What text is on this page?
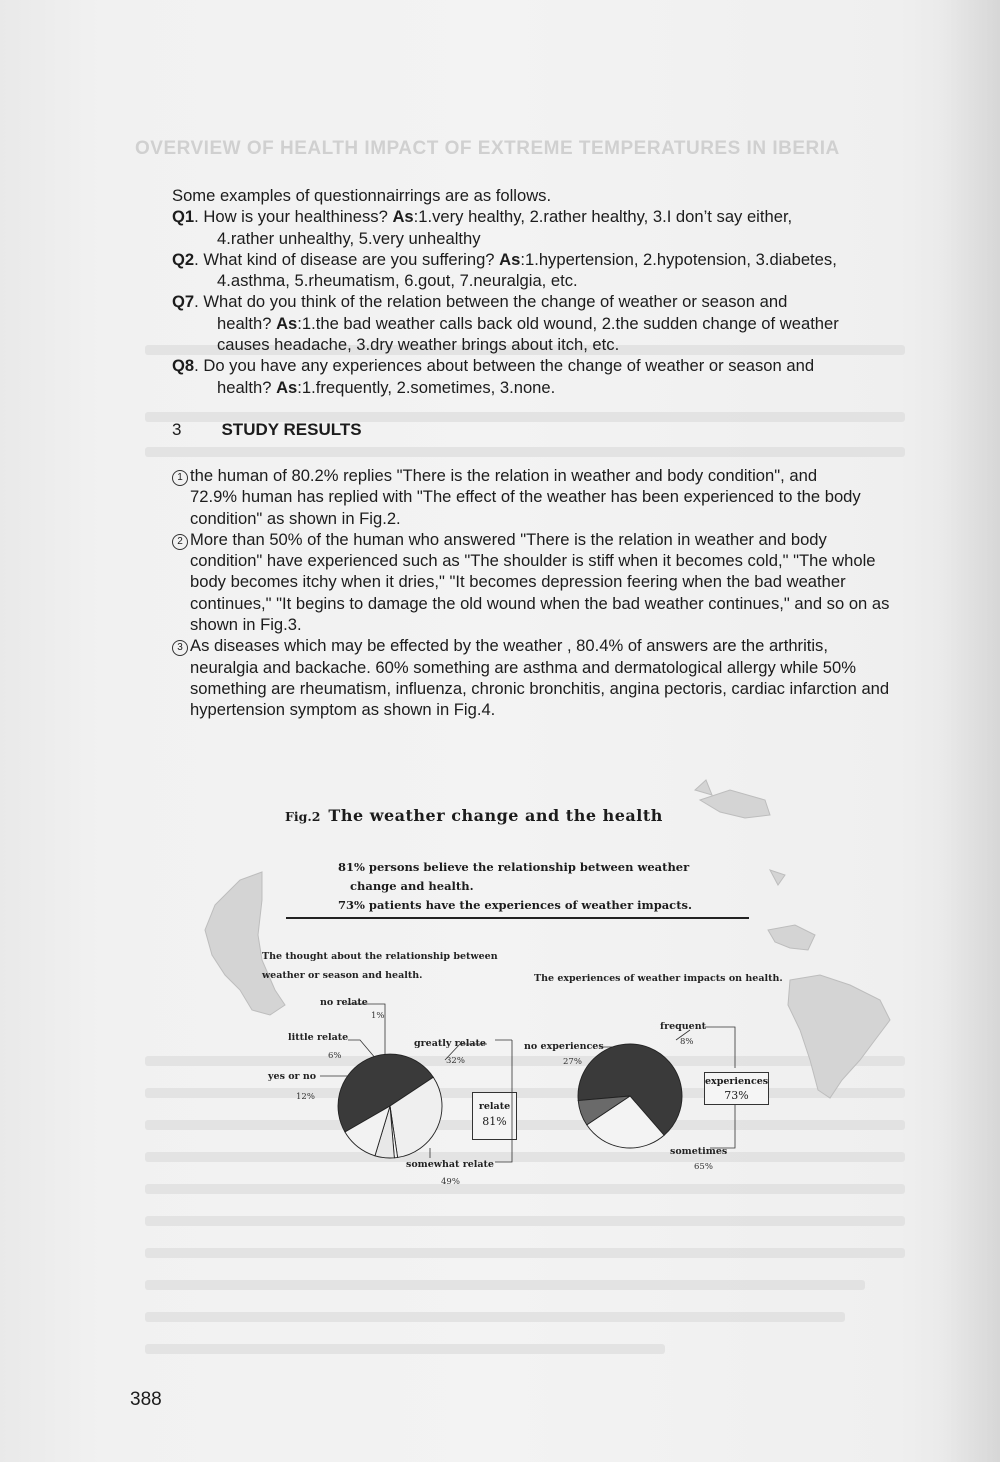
OVERVIEW OF HEALTH IMPACT OF EXTREME TEMPERATURES IN IBERIA

Some examples of questionnairrings are as follows.

Q1. How is your healthiness? As:1.very healthy, 2.rather healthy, 3.I don’t say either,
4.rather unhealthy, 5.very unhealthy

Q2. What kind of disease are you suffering? As:1.hypertension, 2.hypotension, 3.diabetes,
4.asthma, 5.rheumatism, 6.gout, 7.neuralgia, etc.

Q7. What do you think of the relation between the change of weather or season and
health? As:1.the bad weather calls back old wound, 2.the sudden change of weather
causes headache, 3.dry weather brings about itch, etc.

Q8. Do you have any experiences about between the change of weather or season and
health? As:1.frequently, 2.sometimes, 3.none.

3 STUDY RESULTS

1 the human of 80.2% replies "There is the relation in weather and body condition", and
72.9% human has replied with "The effect of the weather has been experienced to the body condition" as shown in Fig.2.

2 More than 50% of the human who answered "There is the relation in weather and body
condition" have experienced such as "The shoulder is stiff when it becomes cold," "The whole body becomes itchy when it dries," "It becomes depression feering when the bad weather continues," "It begins to damage the old wound when the bad weather continues," and so on as shown in Fig.3.

3 As diseases which may be effected by the weather , 80.4% of answers are the arthritis,
neuralgia and backache. 60% something are asthma and dermatological allergy while 50% something are rheumatism, influenza, chronic bronchitis, angina pectoris, cardiac infarction and hypertension symptom as shown in Fig.4.

Fig.2 The weather change and the health
81% persons believe the relationship between weather
change and health.
73% patients have the experiences of weather impacts.
The thought about the relationship between
weather or season and health.
no relate
1%
little relate
6%
yes or no
12%
greatly relate
32%
somewhat relate
49%
relate
81%
The experiences of weather impacts on health.
frequent
8%
no experiences
27%
sometimes
65%
experiences
73%
388
